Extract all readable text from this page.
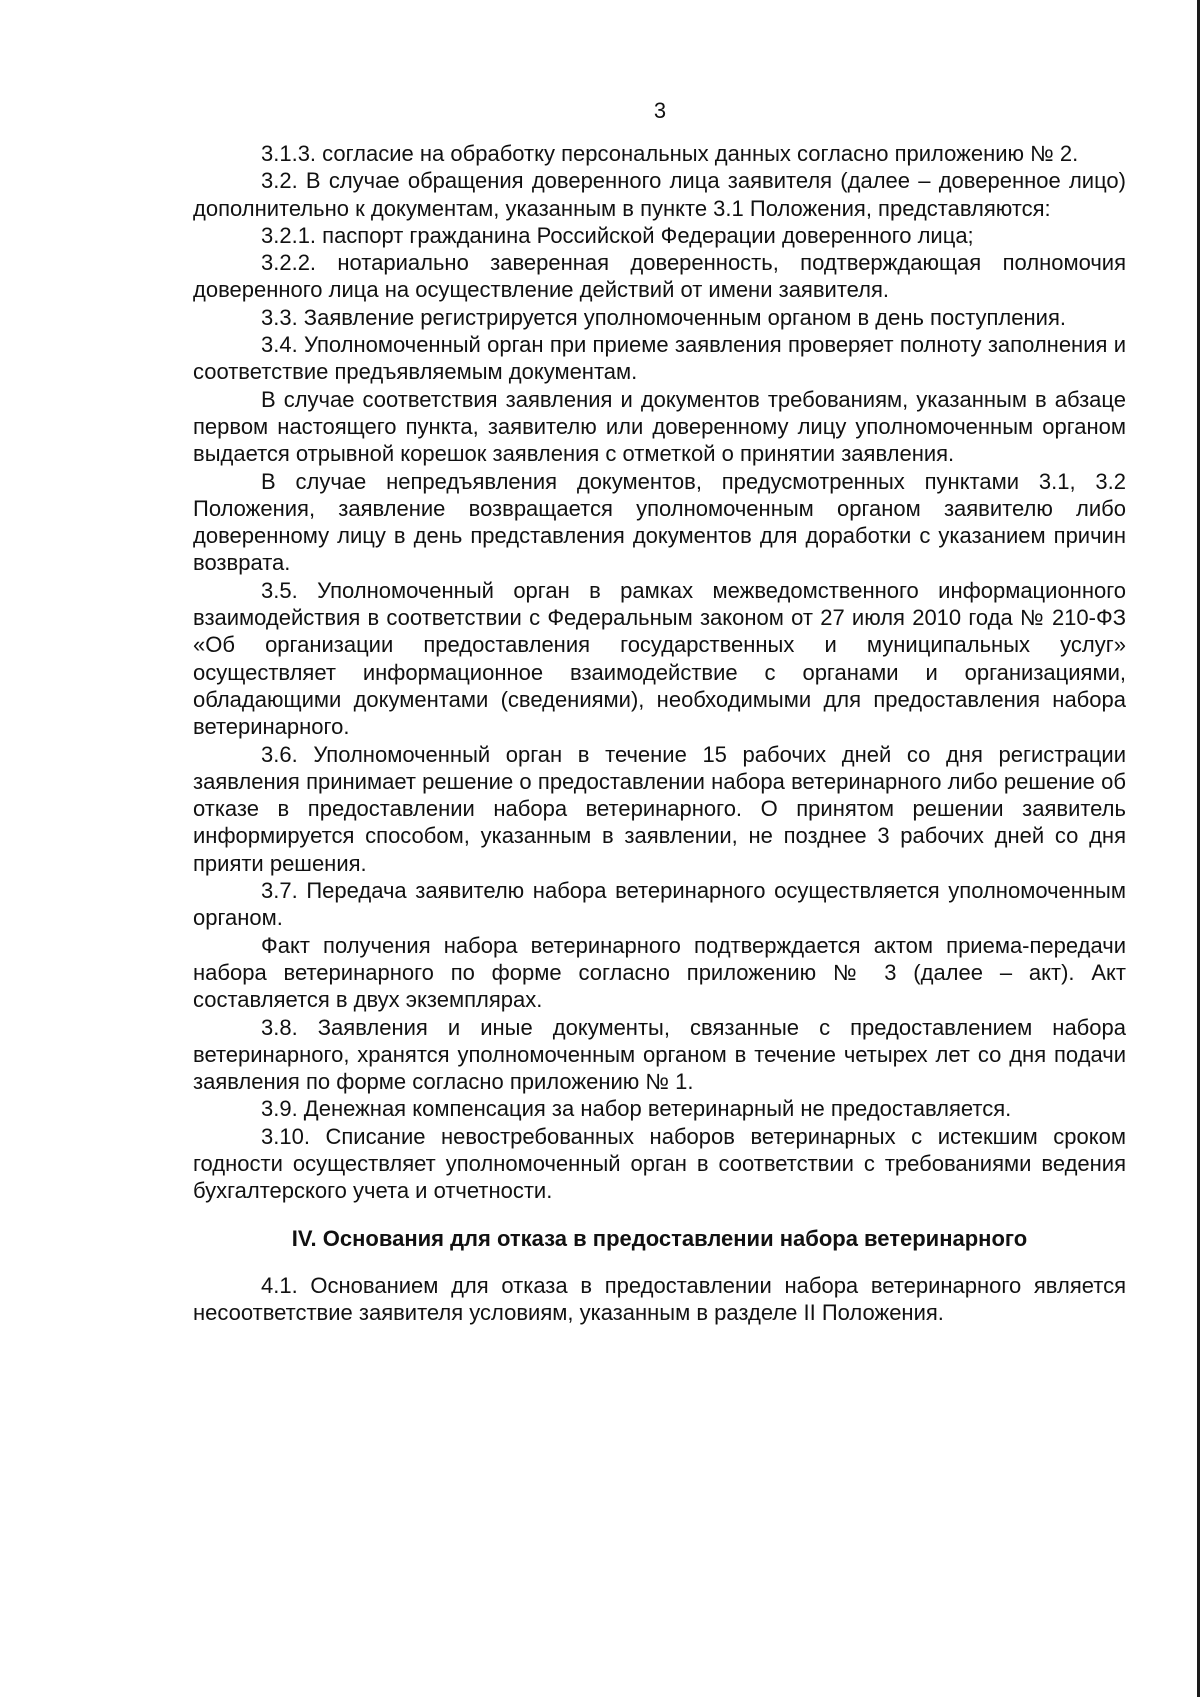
3

3.1.3. согласие на обработку персональных данных согласно приложению № 2.

3.2. В случае обращения доверенного лица заявителя (далее – доверенное лицо) дополнительно к документам, указанным в пункте 3.1 Положения, представляются:

3.2.1. паспорт гражданина Российской Федерации доверенного лица;

3.2.2. нотариально заверенная доверенность, подтверждающая полномочия доверенного лица на осуществление действий от имени заявителя.

3.3. Заявление регистрируется уполномоченным органом в день поступления.

3.4. Уполномоченный орган при приеме заявления проверяет полноту заполнения и соответствие предъявляемым документам.

В случае соответствия заявления и документов требованиям, указанным в абзаце первом настоящего пункта, заявителю или доверенному лицу уполномоченным органом выдается отрывной корешок заявления с отметкой о принятии заявления.

В случае непредъявления документов, предусмотренных пунктами 3.1, 3.2 Положения, заявление возвращается уполномоченным органом заявителю либо доверенному лицу в день представления документов для доработки с указанием причин возврата.

3.5. Уполномоченный орган в рамках межведомственного информационного взаимодействия в соответствии с Федеральным законом от 27 июля 2010 года № 210-ФЗ «Об организации предоставления государственных и муниципальных услуг» осуществляет информационное взаимодействие с органами и организациями, обладающими документами (сведениями), необходимыми для предоставления набора ветеринарного.

3.6. Уполномоченный орган в течение 15 рабочих дней со дня регистрации заявления принимает решение о предоставлении набора ветеринарного либо решение об отказе в предоставлении набора ветеринарного. О принятом решении заявитель информируется способом, указанным в заявлении, не позднее 3 рабочих дней со дня прияти решения.

3.7. Передача заявителю набора ветеринарного осуществляется уполномоченным органом.

Факт получения набора ветеринарного подтверждается актом приема-передачи набора ветеринарного по форме согласно приложению № 3 (далее – акт). Акт составляется в двух экземплярах.

3.8. Заявления и иные документы, связанные с предоставлением набора ветеринарного, хранятся уполномоченным органом в течение четырех лет со дня подачи заявления по форме согласно приложению № 1.

3.9. Денежная компенсация за набор ветеринарный не предоставляется.

3.10. Списание невостребованных наборов ветеринарных с истекшим сроком годности осуществляет уполномоченный орган в соответствии с требованиями ведения бухгалтерского учета и отчетности.

IV. Основания для отказа в предоставлении набора ветеринарного

4.1. Основанием для отказа в предоставлении набора ветеринарного является несоответствие заявителя условиям, указанным в разделе II Положения.
